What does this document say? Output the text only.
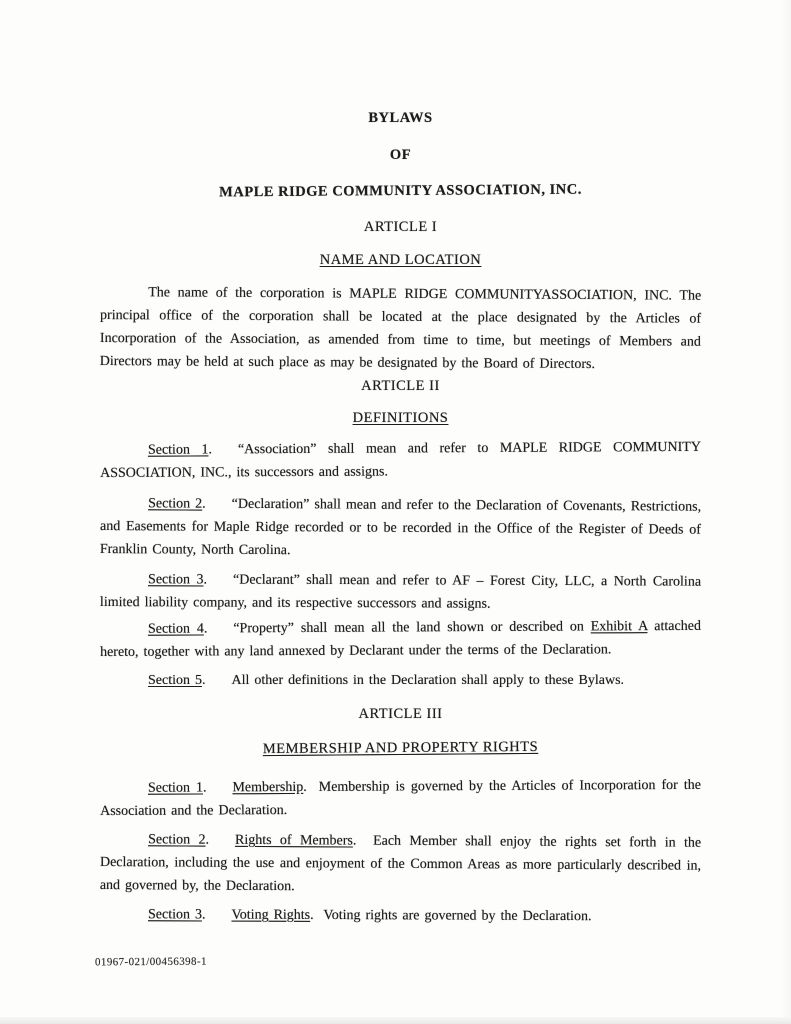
BYLAWS
OF
MAPLE RIDGE COMMUNITY ASSOCIATION, INC.
ARTICLE I
NAME AND LOCATION

The name of the corporation is MAPLE RIDGE COMMUNITYASSOCIATION, INC. The principal office of the corporation shall be located at the place designated by the Articles of Incorporation of the Association, as amended from time to time, but meetings of Members and Directors may be held at such place as may be designated by the Board of Directors.

ARTICLE II
DEFINITIONS

Section 1. “Association” shall mean and refer to MAPLE RIDGE COMMUNITY ASSOCIATION, INC., its successors and assigns.

Section 2. “Declaration” shall mean and refer to the Declaration of Covenants, Restrictions, and Easements for Maple Ridge recorded or to be recorded in the Office of the Register of Deeds of Franklin County, North Carolina.

Section 3. “Declarant” shall mean and refer to AF – Forest City, LLC, a North Carolina limited liability company, and its respective successors and assigns.

Section 4. “Property” shall mean all the land shown or described on Exhibit A attached hereto, together with any land annexed by Declarant under the terms of the Declaration.

Section 5. All other definitions in the Declaration shall apply to these Bylaws.

ARTICLE III
MEMBERSHIP AND PROPERTY RIGHTS

Section 1. Membership.  Membership is governed by the Articles of Incorporation for the Association and the Declaration.

Section 2. Rights of Members.  Each Member shall enjoy the rights set forth in the Declaration, including the use and enjoyment of the Common Areas as more particularly described in, and governed by, the Declaration.

Section 3. Voting Rights.  Voting rights are governed by the Declaration.

01967-021/00456398-1
